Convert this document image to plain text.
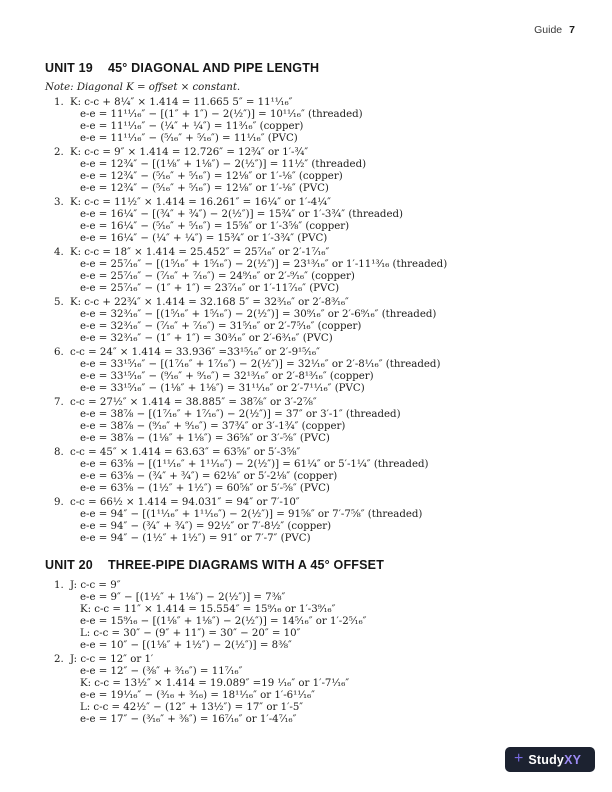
Guide 7
UNIT 19 45° DIAGONAL AND PIPE LENGTH

Note: Diagonal K = offset × constant.

1. K: c-c + 8¼″ × 1.414 = 11.665 5″ = 11¹¹⁄₁₆″
e-e = 11¹¹⁄₁₆″ − [(1″ + 1″) − 2(½″)] = 10¹¹⁄₁₆″ (threaded)
e-e = 11¹¹⁄₁₆″ − (¼″ + ¼″) = 11³⁄₁₆″ (copper)
e-e = 11¹¹⁄₁₆″ − (⁵⁄₁₆″ + ⁵⁄₁₆″) = 11¹⁄₁₆″ (PVC)
2. K: c-c = 9″ × 1.414 = 12.726″ = 12¾″ or 1′-¾″
e-e = 12¾″ − [(1⅛″ + 1⅛″) − 2(½″)] = 11½″ (threaded)
e-e = 12¾″ − (⁵⁄₁₆″ + ⁵⁄₁₆″) = 12⅛″ or 1′-⅛″ (copper)
e-e = 12¾″ − (⁵⁄₁₆″ + ⁵⁄₁₆″) = 12⅛″ or 1′-⅛″ (PVC)
3. K: c-c = 11½″ × 1.414 = 16.261″ = 16¼″ or 1′-4¼″
e-e = 16¼″ − [(¾″ + ¾″) − 2(½″)] = 15¾″ or 1′-3¾″ (threaded)
e-e = 16¼″ − (⁵⁄₁₆″ + ⁵⁄₁₆″) = 15⅝″ or 1′-3⅝″ (copper)
e-e = 16¼″ − (¼″ + ¼″) = 15¾″ or 1′-3¾″ (PVC)
4. K: c-c = 18″ × 1.414 = 25.452″ = 25⁷⁄₁₆″ or 2′-1⁷⁄₁₆″
e-e = 25⁷⁄₁₆″ − [(1⁵⁄₁₆″ + 1⁵⁄₁₆″) − 2(½″)] = 23¹³⁄₁₆″ or 1′-11¹³⁄₁₆ (threaded)
e-e = 25⁷⁄₁₆″ − (⁷⁄₁₆″ + ⁷⁄₁₆″) = 24⁹⁄₁₆″ or 2′-⁹⁄₁₆″ (copper)
e-e = 25⁷⁄₁₆″ − (1″ + 1″) = 23⁷⁄₁₆″ or 1′-11⁷⁄₁₆″ (PVC)
5. K: c-c + 22¾″ × 1.414 = 32.168 5″ = 32³⁄₁₆″ or 2′-8³⁄₁₆″
e-e = 32³⁄₁₆″ − [(1⁵⁄₁₆″ + 1⁵⁄₁₆″) − 2(½″)] = 30⁹⁄₁₆″ or 2′-6⁹⁄₁₆″ (threaded)
e-e = 32³⁄₁₆″ − (⁷⁄₁₆″ + ⁷⁄₁₆″) = 31⁵⁄₁₆″ or 2′-7⁵⁄₁₆″ (copper)
e-e = 32³⁄₁₆″ − (1″ + 1″) = 30³⁄₁₆″ or 2′-6³⁄₁₆″ (PVC)
6. c-c = 24″ × 1.414 = 33.936″ =33¹⁵⁄₁₆″ or 2′-9¹⁵⁄₁₆″
e-e = 33¹⁵⁄₁₆″ − [(1⁷⁄₁₆″ + 1⁷⁄₁₆″) − 2(½″)] = 32¹⁄₁₆″ or 2′-8¹⁄₁₆″ (threaded)
e-e = 33¹⁵⁄₁₆″ − (⁹⁄₁₆″ + ⁹⁄₁₆″) = 32¹³⁄₁₆″ or 2′-8¹³⁄₁₆″ (copper)
e-e = 33¹⁵⁄₁₆″ − (1⅛″ + 1⅛″) = 31¹¹⁄₁₆″ or 2′-7¹¹⁄₁₆″ (PVC)
7. c-c = 27½″ × 1.414 = 38.885″ = 38⅞″ or 3′-2⅞″
e-e = 38⅞ − [(1⁷⁄₁₆″ + 1⁷⁄₁₆″) − 2(½″)] = 37″ or 3′-1″ (threaded)
e-e = 38⅞ − (⁹⁄₁₆″ + ⁹⁄₁₆″) = 37¾″ or 3′-1¾″ (copper)
e-e = 38⅞ − (1⅛″ + 1⅛″) = 36⅝″ or 3′-⅝″ (PVC)
8. c-c = 45″ × 1.414 = 63.63″ = 63⅝″ or 5′-3⅝″
e-e = 63⅝ − [(1¹¹⁄₁₆″ + 1¹¹⁄₁₆″) − 2(½″)] = 61¼″ or 5′-1¼″ (threaded)
e-e = 63⅝ − (¾″ + ¾″) = 62⅛″ or 5′-2⅛″ (copper)
e-e = 63⅝ − (1½″ + 1½″) = 60⅝″ or 5′-⅝″ (PVC)
9. c-c = 66½ × 1.414 = 94.031″ = 94″ or 7′-10″
e-e = 94″ − [(1¹¹⁄₁₆″ + 1¹¹⁄₁₆″) − 2(½″)] = 91⅝″ or 7′-7⅝″ (threaded)
e-e = 94″ − (¾″ + ¾″) = 92½″ or 7′-8½″ (copper)
e-e = 94″ − (1½″ + 1½″) = 91″ or 7′-7″ (PVC)
UNIT 20 THREE-PIPE DIAGRAMS WITH A 45° OFFSET
1. J: c-c = 9″
e-e = 9″ − [(1½″ + 1⅛″) − 2(½″)] = 7⅜″
K: c-c = 11″ × 1.414 = 15.554″ = 15⁹⁄₁₆ or 1′-3⁹⁄₁₆″
e-e = 15⁹⁄₁₆ − [(1⅛″ + 1⅛″) − 2(½″)] = 14⁵⁄₁₆″ or 1′-2⁵⁄₁₆″
L: c-c = 30″ − (9″ + 11″) = 30″ − 20″ = 10″
e-e = 10″ − [(1⅛″ + 1½″) − 2(½″)] = 8⅜″
2. J: c-c = 12″ or 1′
e-e = 12″ − (⅜″ + ³⁄₁₆″) = 11⁷⁄₁₆″
K: c-c = 13½″ × 1.414 = 19.089″ =19 ¹⁄₁₆″ or 1′-7¹⁄₁₆″
e-e = 19¹⁄₁₆″ − (³⁄₁₆ + ³⁄₁₆) = 18¹¹⁄₁₆″ or 1′-6¹¹⁄₁₆″
L: c-c = 42½″ − (12″ + 13½″) = 17″ or 1′-5″
e-e = 17″ − (³⁄₁₆″ + ⅜″) = 16⁷⁄₁₆″ or 1′-4⁷⁄₁₆″
+ StudyXY
